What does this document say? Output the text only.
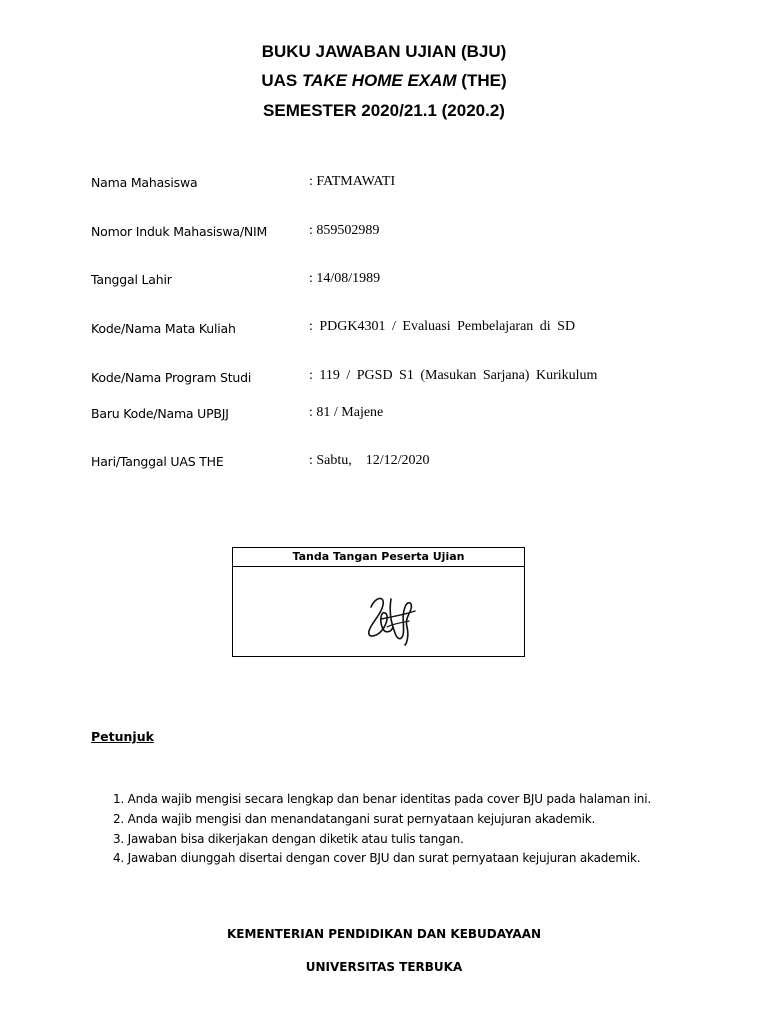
BUKU JAWABAN UJIAN (BJU)
UAS TAKE HOME EXAM (THE)
SEMESTER 2020/21.1 (2020.2)
Nama Mahasiswa	: FATMAWATI
Nomor Induk Mahasiswa/NIM	: 859502989
Tanggal Lahir	: 14/08/1989
Kode/Nama Mata Kuliah	: PDGK4301 / Evaluasi Pembelajaran di SD
Kode/Nama Program Studi	: 119 / PGSD S1 (Masukan Sarjana) Kurikulum
Baru Kode/Nama UPBJJ	: 81 / Majene
Hari/Tanggal UAS THE	: Sabtu,    12/12/2020
Tanda Tangan Peserta Ujian
Petunjuk
1. Anda wajib mengisi secara lengkap dan benar identitas pada cover BJU pada halaman ini.
2. Anda wajib mengisi dan menandatangani surat pernyataan kejujuran akademik.
3. Jawaban bisa dikerjakan dengan diketik atau tulis tangan.
4. Jawaban diunggah disertai dengan cover BJU dan surat pernyataan kejujuran akademik.
KEMENTERIAN PENDIDIKAN DAN KEBUDAYAAN
UNIVERSITAS TERBUKA
